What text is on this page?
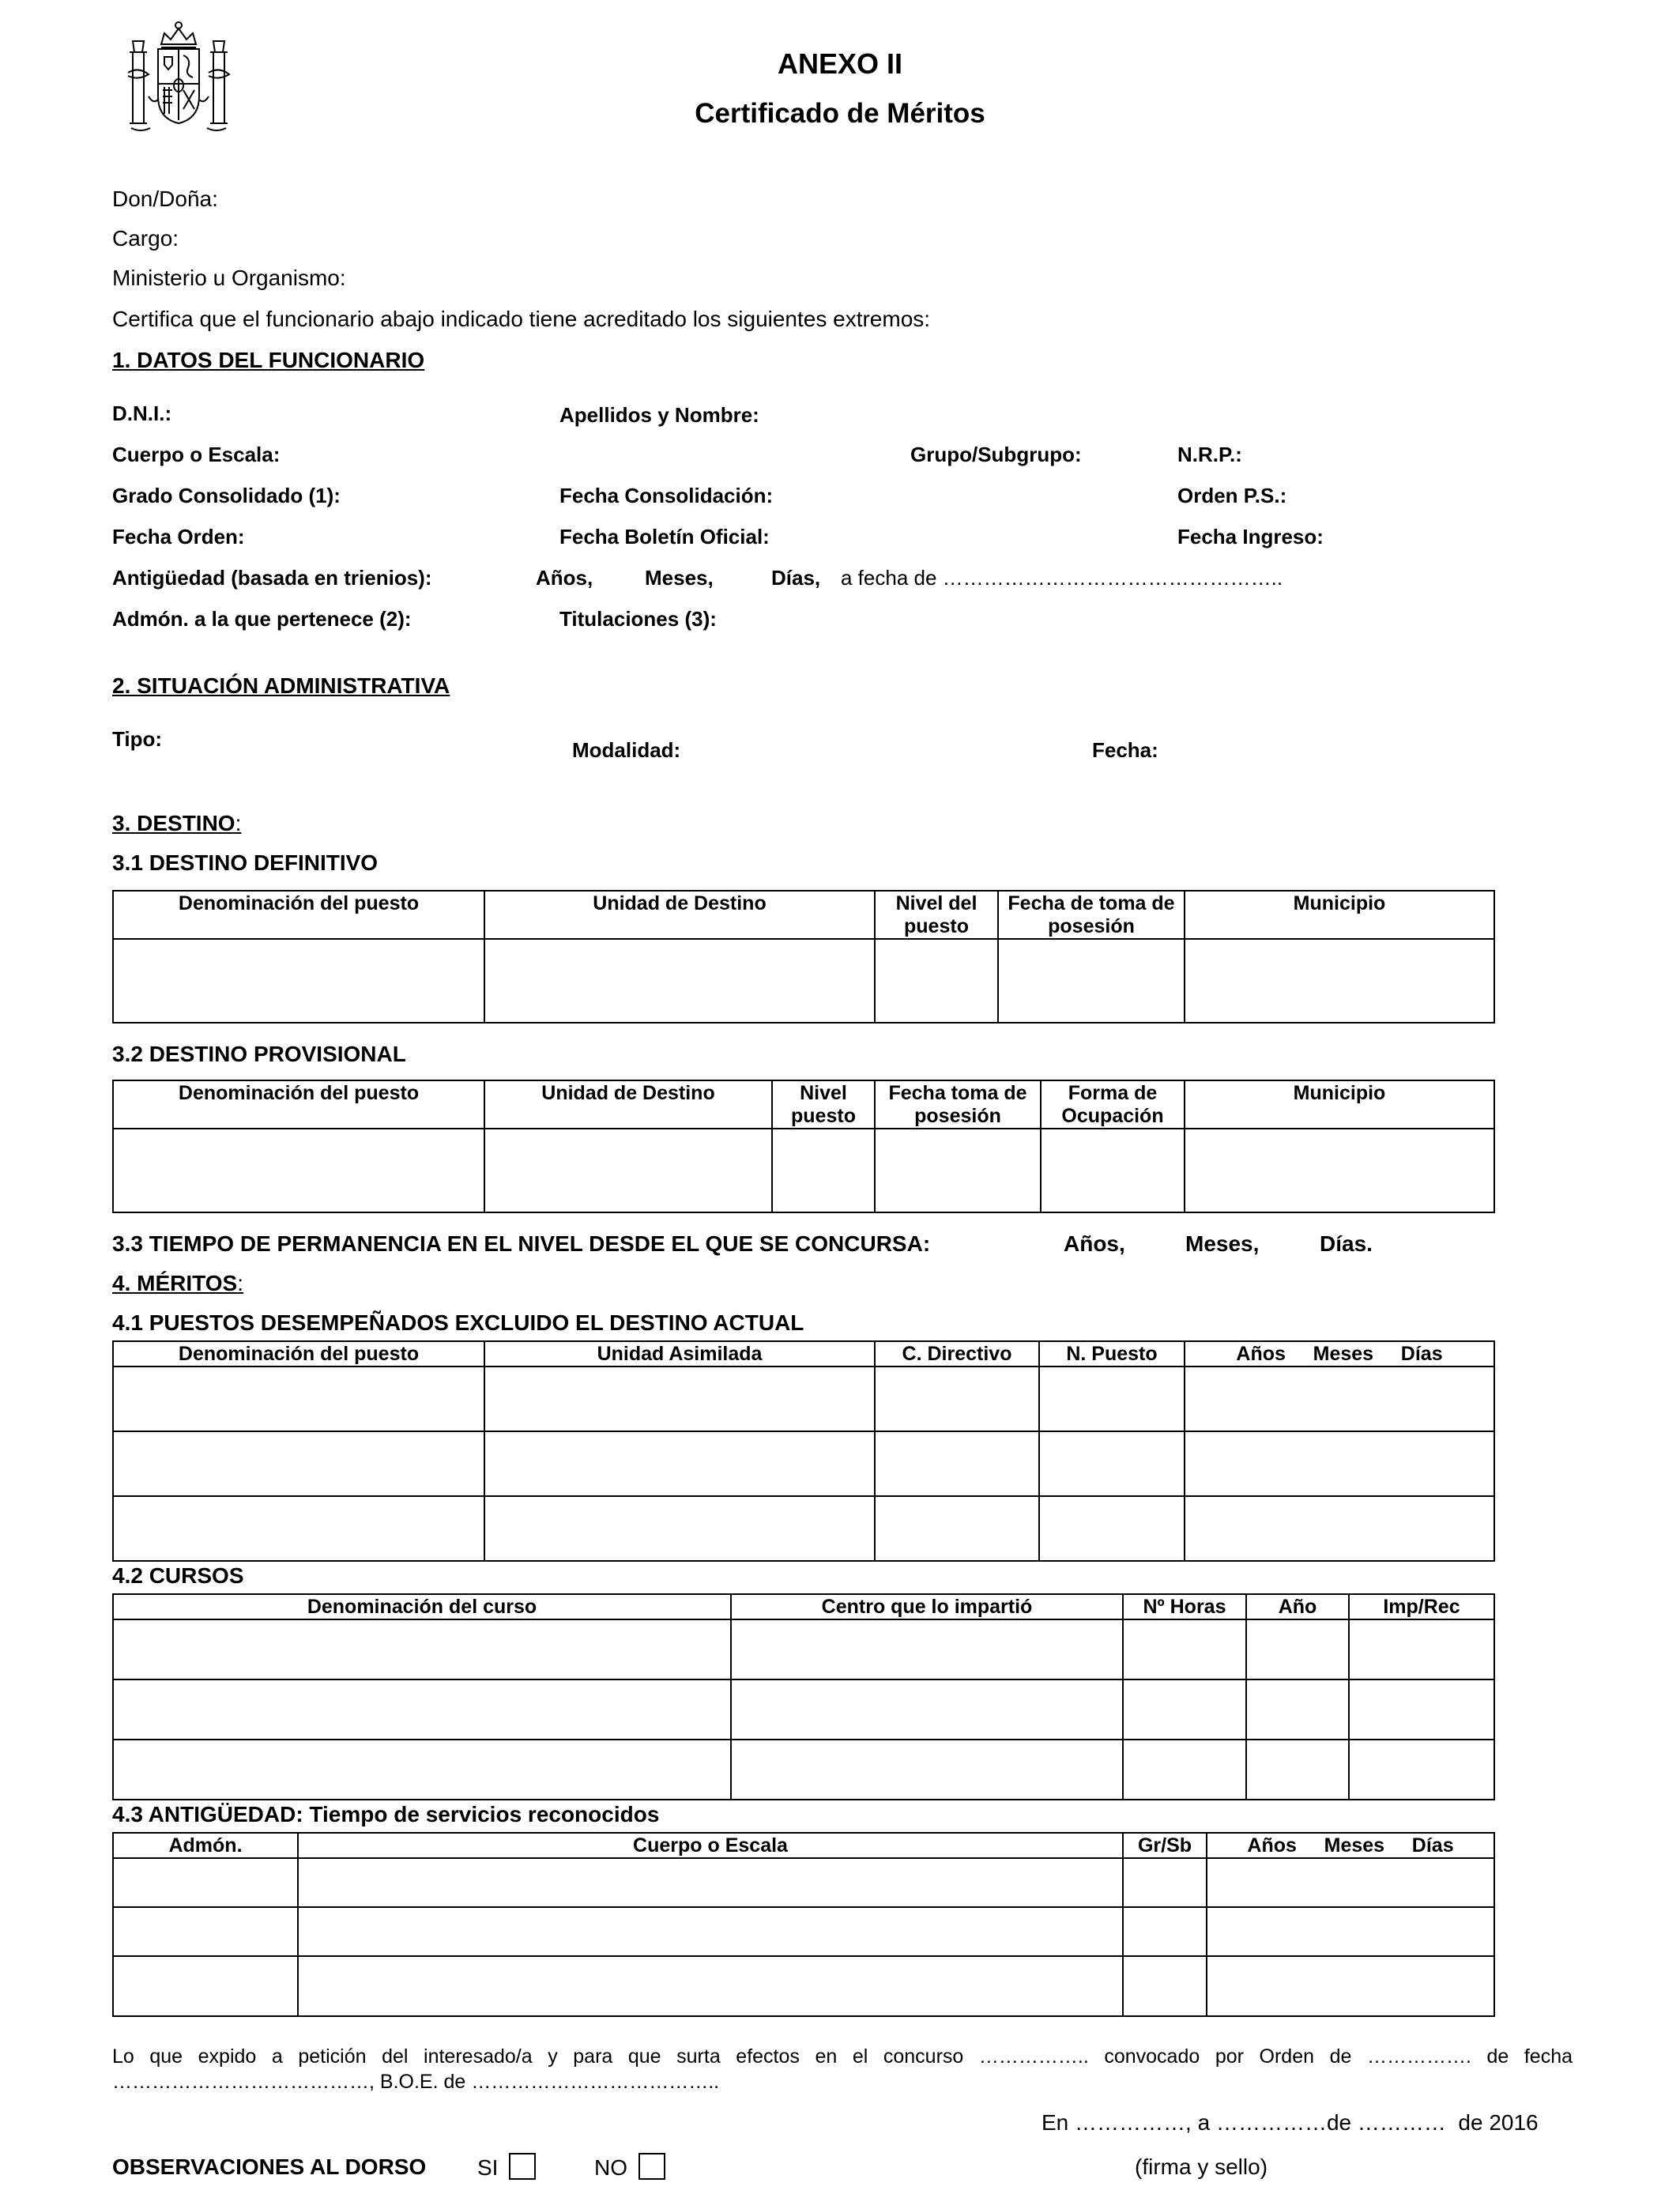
ANEXO II
Certificado de Méritos
Don/Doña:
Cargo:
Ministerio u Organismo:
Certifica que el funcionario abajo indicado tiene acreditado los siguientes extremos:
1. DATOS DEL FUNCIONARIO
D.N.I.:	Apellidos y Nombre:
Cuerpo o Escala:	Grupo/Subgrupo:	N.R.P.:
Grado Consolidado (1):	Fecha Consolidación:	Orden P.S.:
Fecha Orden:	Fecha Boletín Oficial:	Fecha Ingreso:
Antigüedad (basada en trienios):	Años,	Meses,	Días, a fecha de …………………………………………..
Admón. a la que pertenece (2):	Titulaciones (3):
2. SITUACIÓN ADMINISTRATIVA
Tipo:	Modalidad:	Fecha:
3. DESTINO:
3.1 DESTINO DEFINITIVO
Denominación del puesto	Unidad de Destino	Nivel del puesto	Fecha de toma de posesión	Municipio

3.2 DESTINO PROVISIONAL
Denominación del puesto	Unidad de Destino	Nivel puesto	Fecha toma de posesión	Forma de Ocupación	Municipio

3.3 TIEMPO DE PERMANENCIA EN EL NIVEL DESDE EL QUE SE CONCURSA:	Años,	Meses,	Días.
4. MÉRITOS:
4.1 PUESTOS DESEMPEÑADOS EXCLUIDO EL DESTINO ACTUAL
Denominación del puesto	Unidad Asimilada	C. Directivo	N. Puesto	Años     Meses     Días

4.2 CURSOS
Denominación del curso	Centro que lo impartió	Nº Horas	Año	Imp/Rec

4.3 ANTIGÜEDAD: Tiempo de servicios reconocidos
Admón.	Cuerpo o Escala	Gr/Sb	Años     Meses     Días

Lo que expido a petición del interesado/a y para que surta efectos en el concurso …………….. convocado por Orden de ……………. de fecha
…………………………………, B.O.E. de ………………………………..
En ……………, a ……………de …………  de 2016
OBSERVACIONES AL DORSO SI	NO	(firma y sello)
